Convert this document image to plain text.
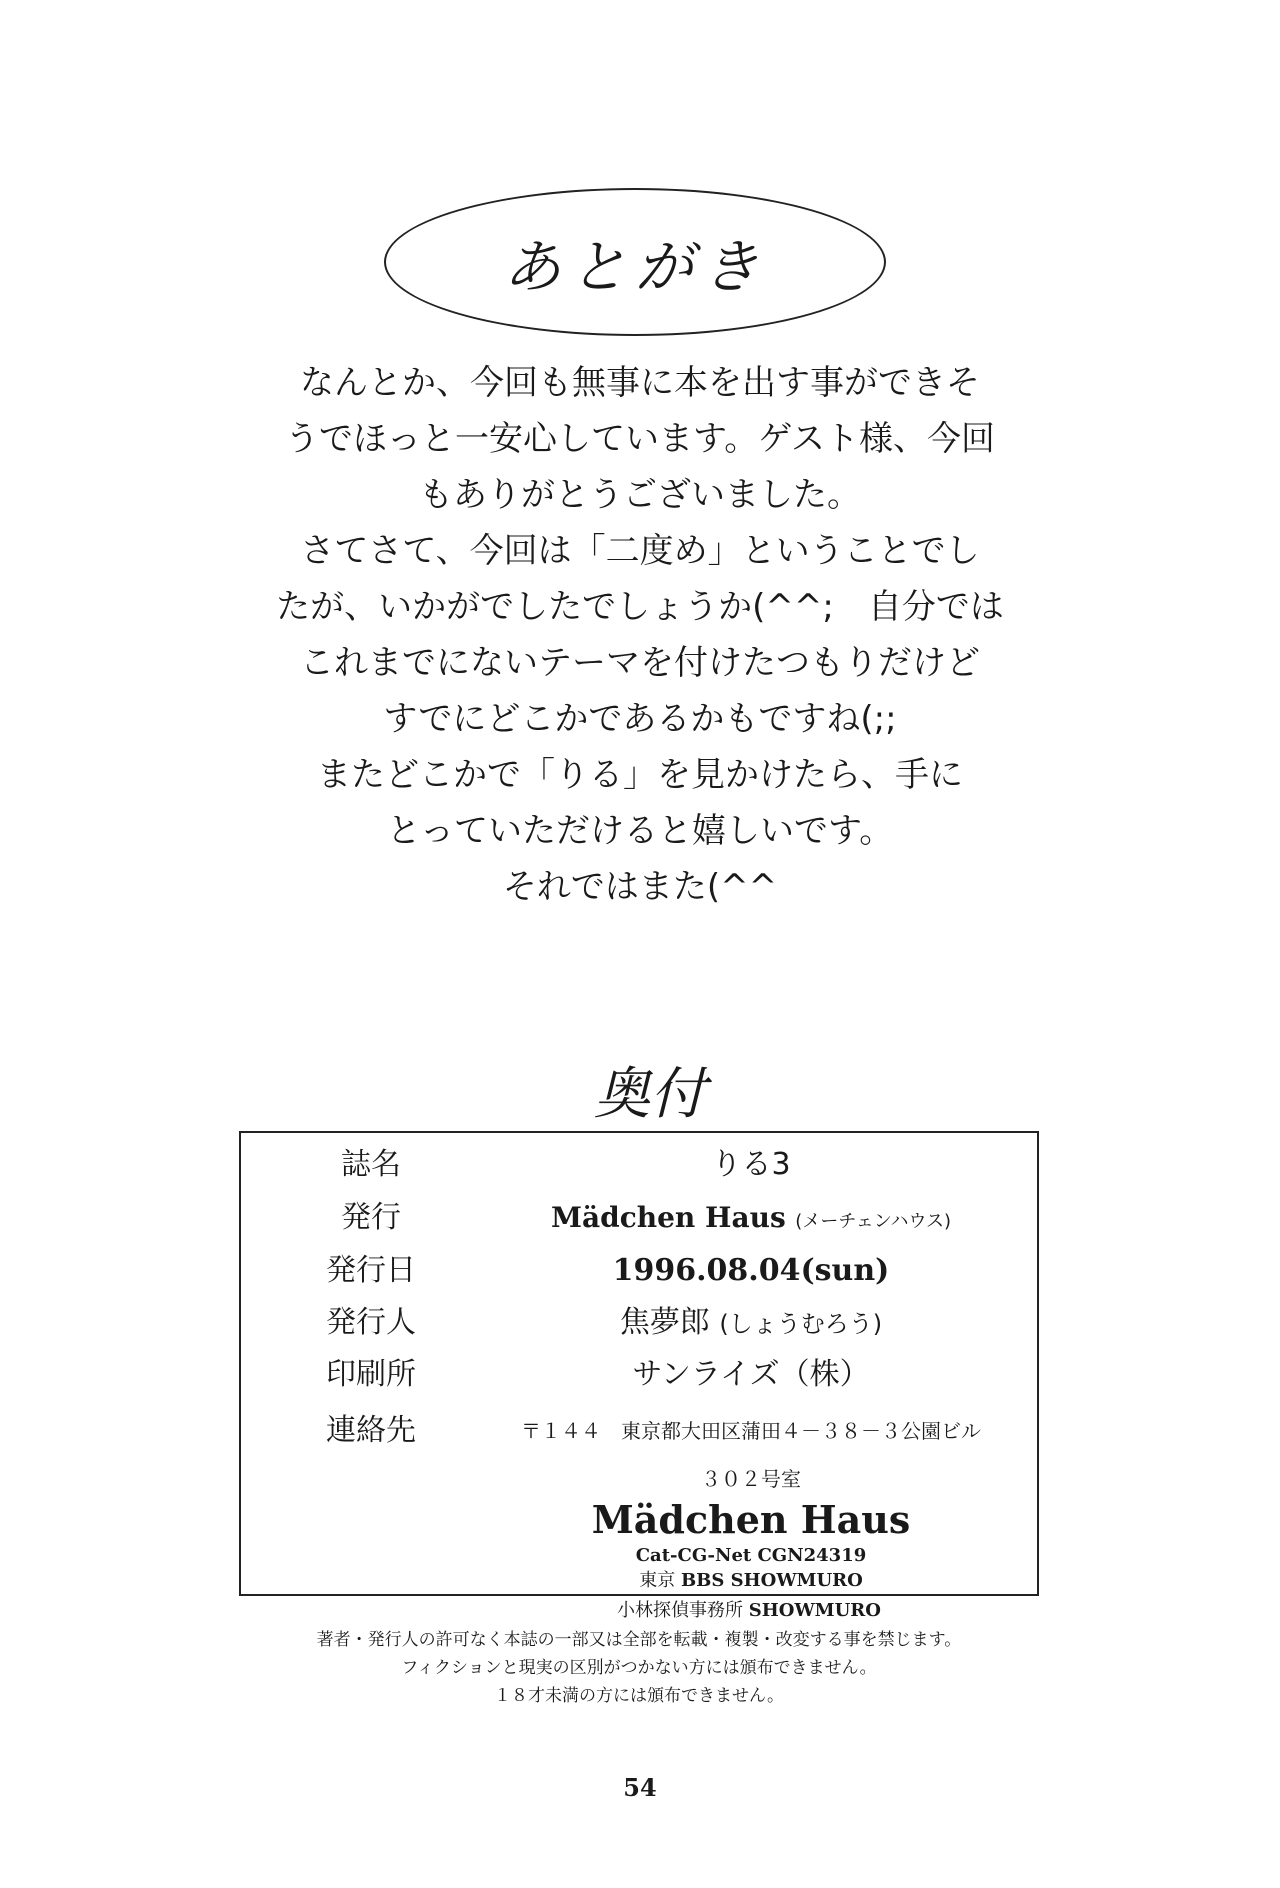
あとがき
なんとか、今回も無事に本を出す事ができそ
うでほっと一安心しています。ゲスト様、今回
もありがとうございました。
さてさて、今回は「二度め」ということでし
たが、いかがでしたでしょうか(^^;　自分では
これまでにないテーマを付けたつもりだけど
すでにどこかであるかもですね(;;
またどこかで「りる」を見かけたら、手に
とっていただけると嬉しいです。
それではまた(^^
奥付
誌名	りる3
発行	Mädchen Haus (メーチェンハウス)
発行日	1996.08.04(sun)
発行人	焦夢郎 (しょうむろう)
印刷所	サンライズ（株）
連絡先	〒１４４　東京都大田区蒲田４－３８－３公園ビル
３０２号室
Mädchen Haus
Cat-CG-Net CGN24319
東京 BBS SHOWMURO
小林探偵事務所 SHOWMURO
著者・発行人の許可なく本誌の一部又は全部を転載・複製・改変する事を禁じます。
フィクションと現実の区別がつかない方には頒布できません。
１８才未満の方には頒布できません。
54
